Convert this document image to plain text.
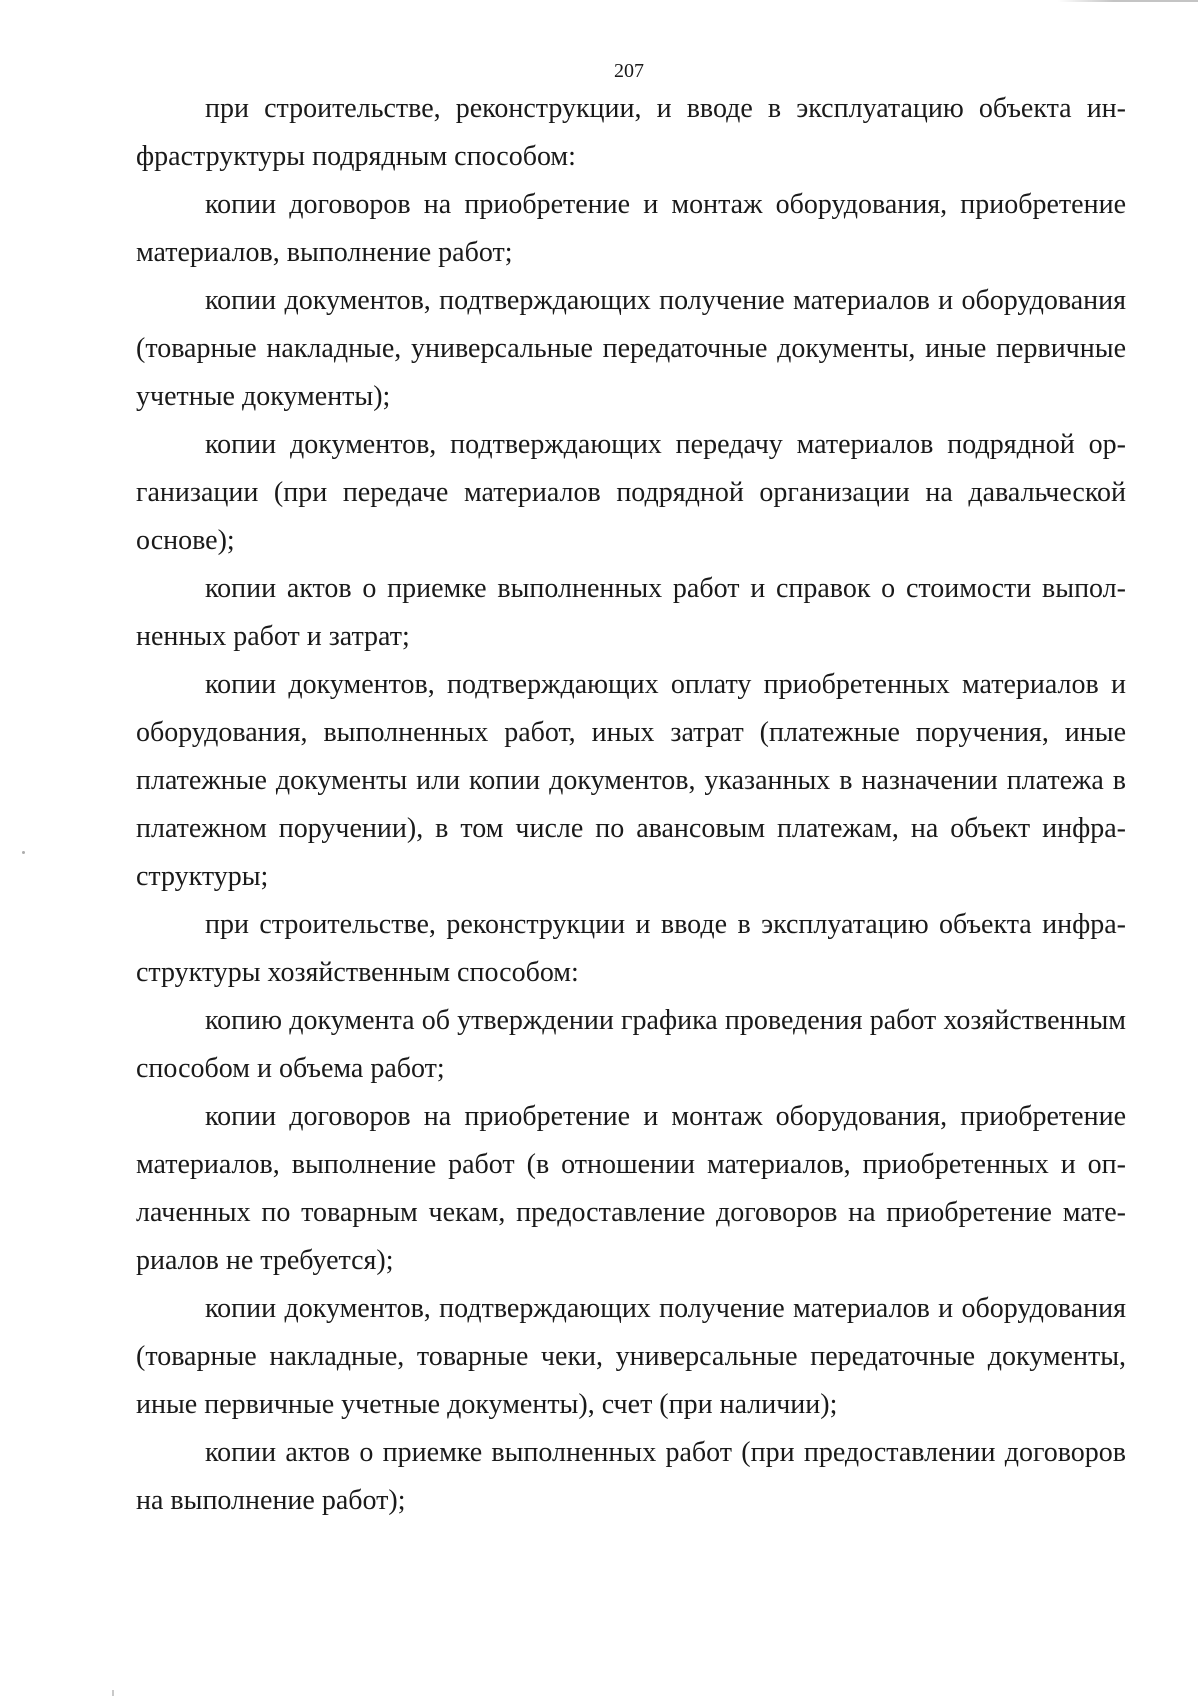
207

при строительстве, реконструкции, и вводе в эксплуатацию объекта инфраструктуры подрядным способом:

копии договоров на приобретение и монтаж оборудования, приобретение материалов, выполнение работ;

копии документов, подтверждающих получение материалов и оборудования (товарные накладные, универсальные передаточные документы, иные первичные учетные документы);

копии документов, подтверждающих передачу материалов подрядной организации (при передаче материалов подрядной организации на давальческой основе);

копии актов о приемке выполненных работ и справок о стоимости выполненных работ и затрат;

копии документов, подтверждающих оплату приобретенных материалов и оборудования, выполненных работ, иных затрат (платежные поручения, иные платежные документы или копии документов, указанных в назначении платежа в платежном поручении), в том числе по авансовым платежам, на объект инфраструктуры;

при строительстве, реконструкции и вводе в эксплуатацию объекта инфраструктуры хозяйственным способом:

копию документа об утверждении графика проведения работ хозяйственным способом и объема работ;

копии договоров на приобретение и монтаж оборудования, приобретение материалов, выполнение работ (в отношении материалов, приобретенных и оплаченных по товарным чекам, предоставление договоров на приобретение материалов не требуется);

копии документов, подтверждающих получение материалов и оборудования (товарные накладные, товарные чеки, универсальные передаточные документы, иные первичные учетные документы), счет (при наличии);

копии актов о приемке выполненных работ (при предоставлении договоров на выполнение работ);
